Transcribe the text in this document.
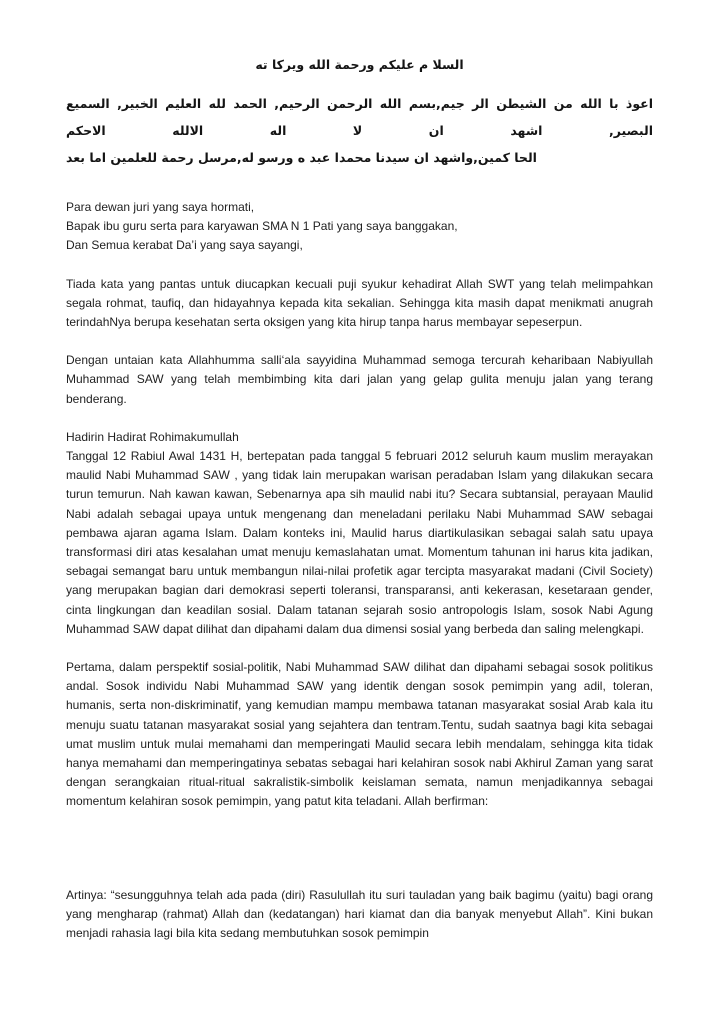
السلا م عليكم ورحمة الله ويركا ته
اعوذ با الله من الشيطن الر جيم,بسم الله الرحمن الرحيم, الحمد لله العليم الخبير, السميع البصير, اشهد ان لا اله الالله الاحكم
الحا كمين,واشهد ان سيدنا محمدا عبد ه ورسو له,مرسل رحمة للعلمين اما بعد
Para dewan juri yang saya hormati,
Bapak ibu guru serta para karyawan SMA N 1 Pati yang saya banggakan,
Dan Semua kerabat Da’i yang saya sayangi,

Tiada kata yang pantas untuk diucapkan kecuali puji syukur kehadirat Allah SWT yang telah melimpahkan segala rohmat, taufiq, dan hidayahnya kepada kita sekalian. Sehingga kita masih dapat menikmati anugrah terindahNya berupa kesehatan serta oksigen yang kita hirup tanpa harus membayar sepeserpun.

Dengan untaian kata Allahhumma salli‘ala sayyidina Muhammad semoga tercurah keharibaan Nabiyullah Muhammad SAW yang telah membimbing kita dari jalan yang gelap gulita menuju jalan yang terang benderang.

Hadirin Hadirat Rohimakumullah

Tanggal 12 Rabiul Awal 1431 H, bertepatan pada tanggal 5 februari 2012 seluruh kaum muslim merayakan maulid Nabi Muhammad SAW , yang tidak lain merupakan warisan peradaban Islam yang dilakukan secara turun temurun. Nah kawan kawan, Sebenarnya apa sih maulid nabi itu? Secara subtansial, perayaan Maulid Nabi adalah sebagai upaya untuk mengenang dan meneladani perilaku Nabi Muhammad SAW sebagai pembawa ajaran agama Islam. Dalam konteks ini, Maulid harus diartikulasikan sebagai salah satu upaya transformasi diri atas kesalahan umat menuju kemaslahatan umat. Momentum tahunan ini harus kita jadikan, sebagai semangat baru untuk membangun nilai-nilai profetik agar tercipta masyarakat madani (Civil Society) yang merupakan bagian dari demokrasi seperti toleransi, transparansi, anti kekerasan, kesetaraan gender, cinta lingkungan dan keadilan sosial. Dalam tatanan sejarah sosio antropologis Islam, sosok Nabi Agung Muhammad SAW dapat dilihat dan dipahami dalam dua dimensi sosial yang berbeda dan saling melengkapi.

Pertama, dalam perspektif sosial-politik, Nabi Muhammad SAW dilihat dan dipahami sebagai sosok politikus andal. Sosok individu Nabi Muhammad SAW yang identik dengan sosok pemimpin yang adil, toleran, humanis, serta non-diskriminatif, yang kemudian mampu membawa tatanan masyarakat sosial Arab kala itu menuju suatu tatanan masyarakat sosial yang sejahtera dan tentram.Tentu, sudah saatnya bagi kita sebagai umat muslim untuk mulai memahami dan memperingati Maulid secara lebih mendalam, sehingga kita tidak hanya memahami dan memperingatinya sebatas sebagai hari kelahiran sosok nabi Akhirul Zaman yang sarat dengan serangkaian ritual-ritual sakralistik-simbolik keislaman semata, namun menjadikannya sebagai momentum kelahiran sosok pemimpin, yang patut kita teladani. Allah berfirman:

Artinya: “sesungguhnya telah ada pada (diri) Rasulullah itu suri tauladan yang baik bagimu (yaitu) bagi orang yang mengharap (rahmat) Allah dan (kedatangan) hari kiamat dan dia banyak menyebut Allah”. Kini bukan menjadi rahasia lagi bila kita sedang membutuhkan sosok pemimpin
